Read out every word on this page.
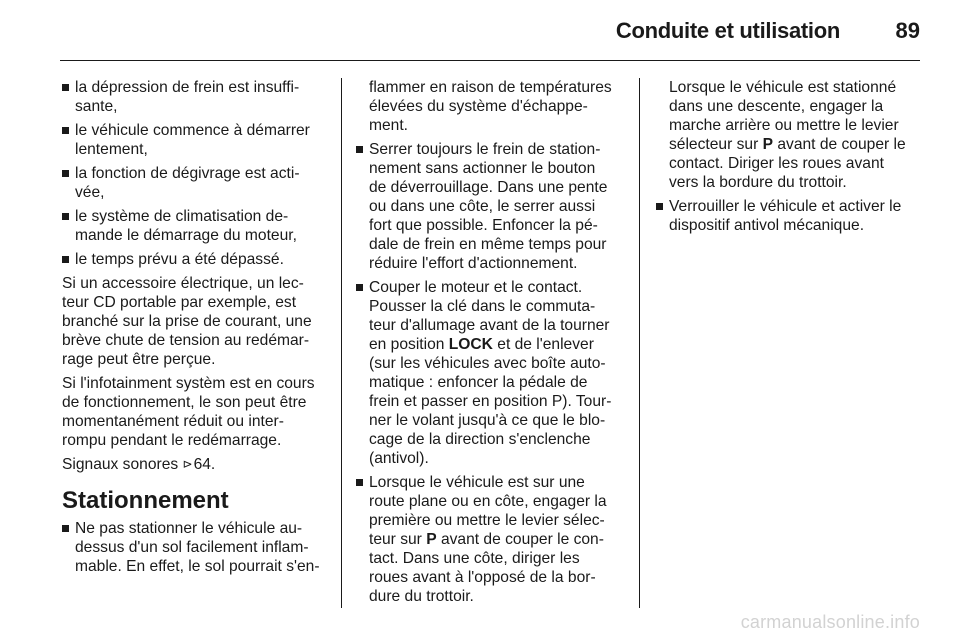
Conduite et utilisation	89
la dépression de frein est insuffi-
sante,
le véhicule commence à démarrer
lentement,
la fonction de dégivrage est acti-
vée,
le système de climatisation de-
mande le démarrage du moteur,
le temps prévu a été dépassé.
Si un accessoire électrique, un lec-
teur CD portable par exemple, est
branché sur la prise de courant, une
brève chute de tension au redémar-
rage peut être perçue.
Si l'infotainment systèm est en cours
de fonctionnement, le son peut être
momentanément réduit ou inter-
rompu pendant le redémarrage.
Signaux sonores ⊳64.
Stationnement
Ne pas stationner le véhicule au-
dessus d'un sol facilement inflam-
mable. En effet, le sol pourrait s'en-
flammer en raison de températures
élevées du système d'échappe-
ment.
Serrer toujours le frein de station-
nement sans actionner le bouton
de déverrouillage. Dans une pente
ou dans une côte, le serrer aussi
fort que possible. Enfoncer la pé-
dale de frein en même temps pour
réduire l'effort d'actionnement.
Couper le moteur et le contact.
Pousser la clé dans le commuta-
teur d'allumage avant de la tourner
en position LOCK et de l'enlever
(sur les véhicules avec boîte auto-
matique : enfoncer la pédale de
frein et passer en position P). Tour-
ner le volant jusqu'à ce que le blo-
cage de la direction s'enclenche
(antivol).
Lorsque le véhicule est sur une
route plane ou en côte, engager la
première ou mettre le levier sélec-
teur sur P avant de couper le con-
tact. Dans une côte, diriger les
roues avant à l'opposé de la bor-
dure du trottoir.
Lorsque le véhicule est stationné
dans une descente, engager la
marche arrière ou mettre le levier
sélecteur sur P avant de couper le
contact. Diriger les roues avant
vers la bordure du trottoir.
Verrouiller le véhicule et activer le
dispositif antivol mécanique.
carmanualsonline.info
